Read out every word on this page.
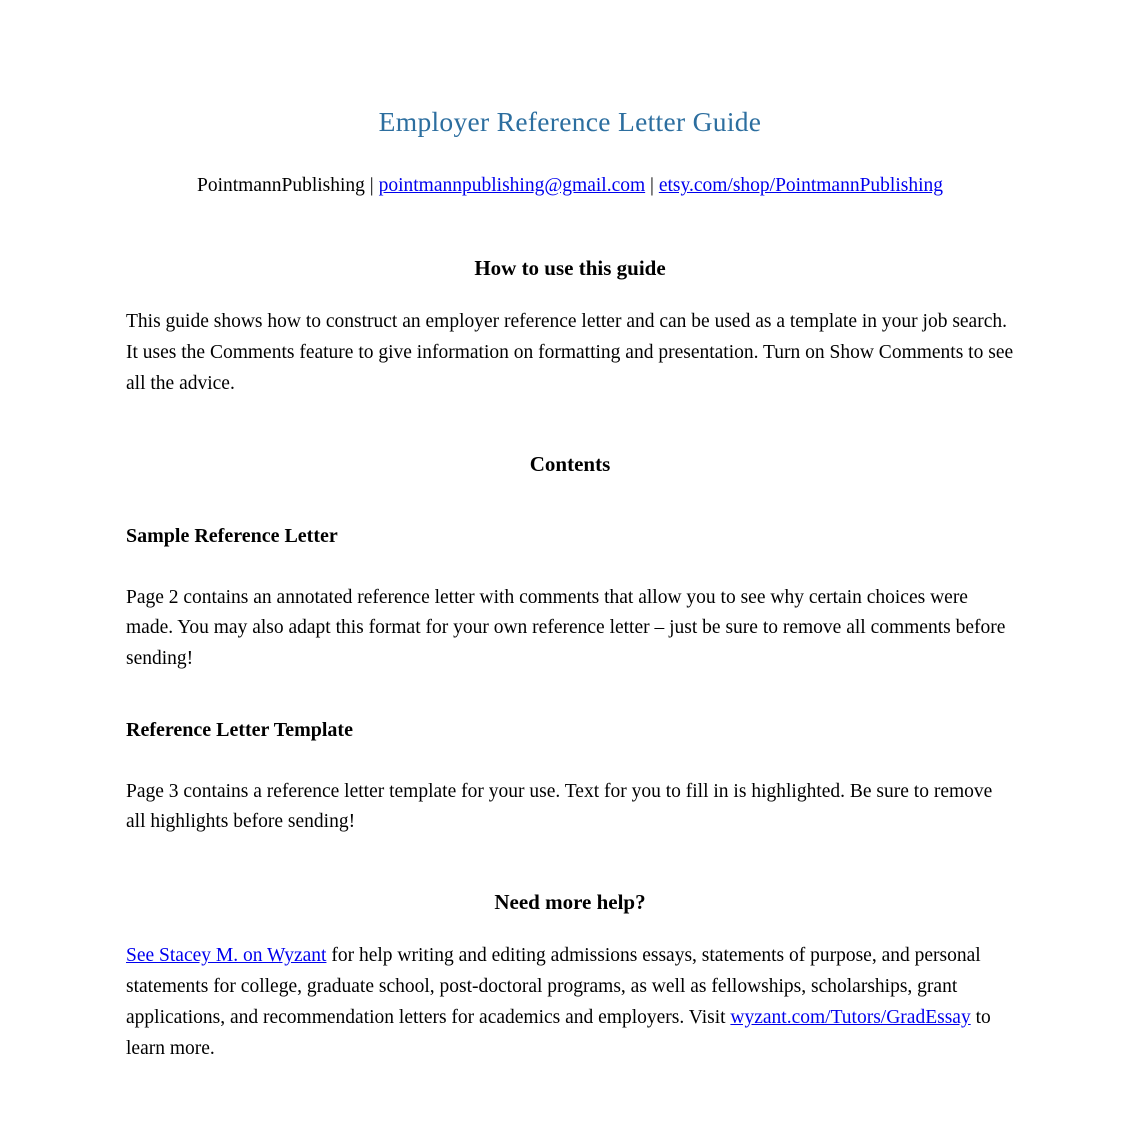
Employer Reference Letter Guide

PointmannPublishing | pointmannpublishing@gmail.com | etsy.com/shop/PointmannPublishing

How to use this guide

This guide shows how to construct an employer reference letter and can be used as a template in your job search. It uses the Comments feature to give information on formatting and presentation. Turn on Show Comments to see all the advice.

Contents
Sample Reference Letter

Page 2 contains an annotated reference letter with comments that allow you to see why certain choices were made. You may also adapt this format for your own reference letter – just be sure to remove all comments before sending!

Reference Letter Template

Page 3 contains a reference letter template for your use. Text for you to fill in is highlighted. Be sure to remove all highlights before sending!

Need more help?

See Stacey M. on Wyzant for help writing and editing admissions essays, statements of purpose, and personal statements for college, graduate school, post-doctoral programs, as well as fellowships, scholarships, grant applications, and recommendation letters for academics and employers. Visit wyzant.com/Tutors/GradEssay to learn more.
